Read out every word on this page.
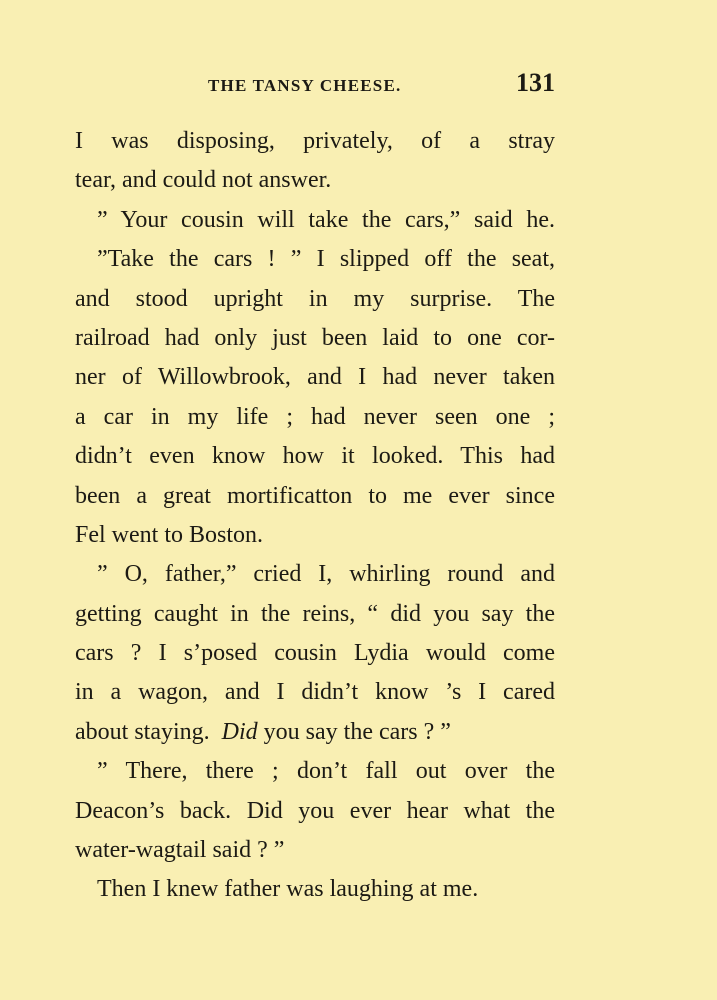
THE TANSY CHEESE.	131
I was disposing, privately, of a stray
tear, and could not answer.
” Your cousin will take the cars,” said he.
”Take the cars ! ” I slipped off the seat,
and stood upright in my surprise. The
railroad had only just been laid to one cor-
ner of Willowbrook, and I had never taken
a car in my life ; had never seen one ;
didn’t even know how it looked. This had
been a great mortificatton to me ever since
Fel went to Boston.
” O, father,” cried I, whirling round and
getting caught in the reins, “ did you say the
cars ? I s’posed cousin Lydia would come
in a wagon, and I didn’t know ’s I cared
about staying. Did you say the cars ? ”
” There, there ; don’t fall out over the
Deacon’s back. Did you ever hear what the
water-wagtail said ? ”
Then I knew father was laughing at me.
